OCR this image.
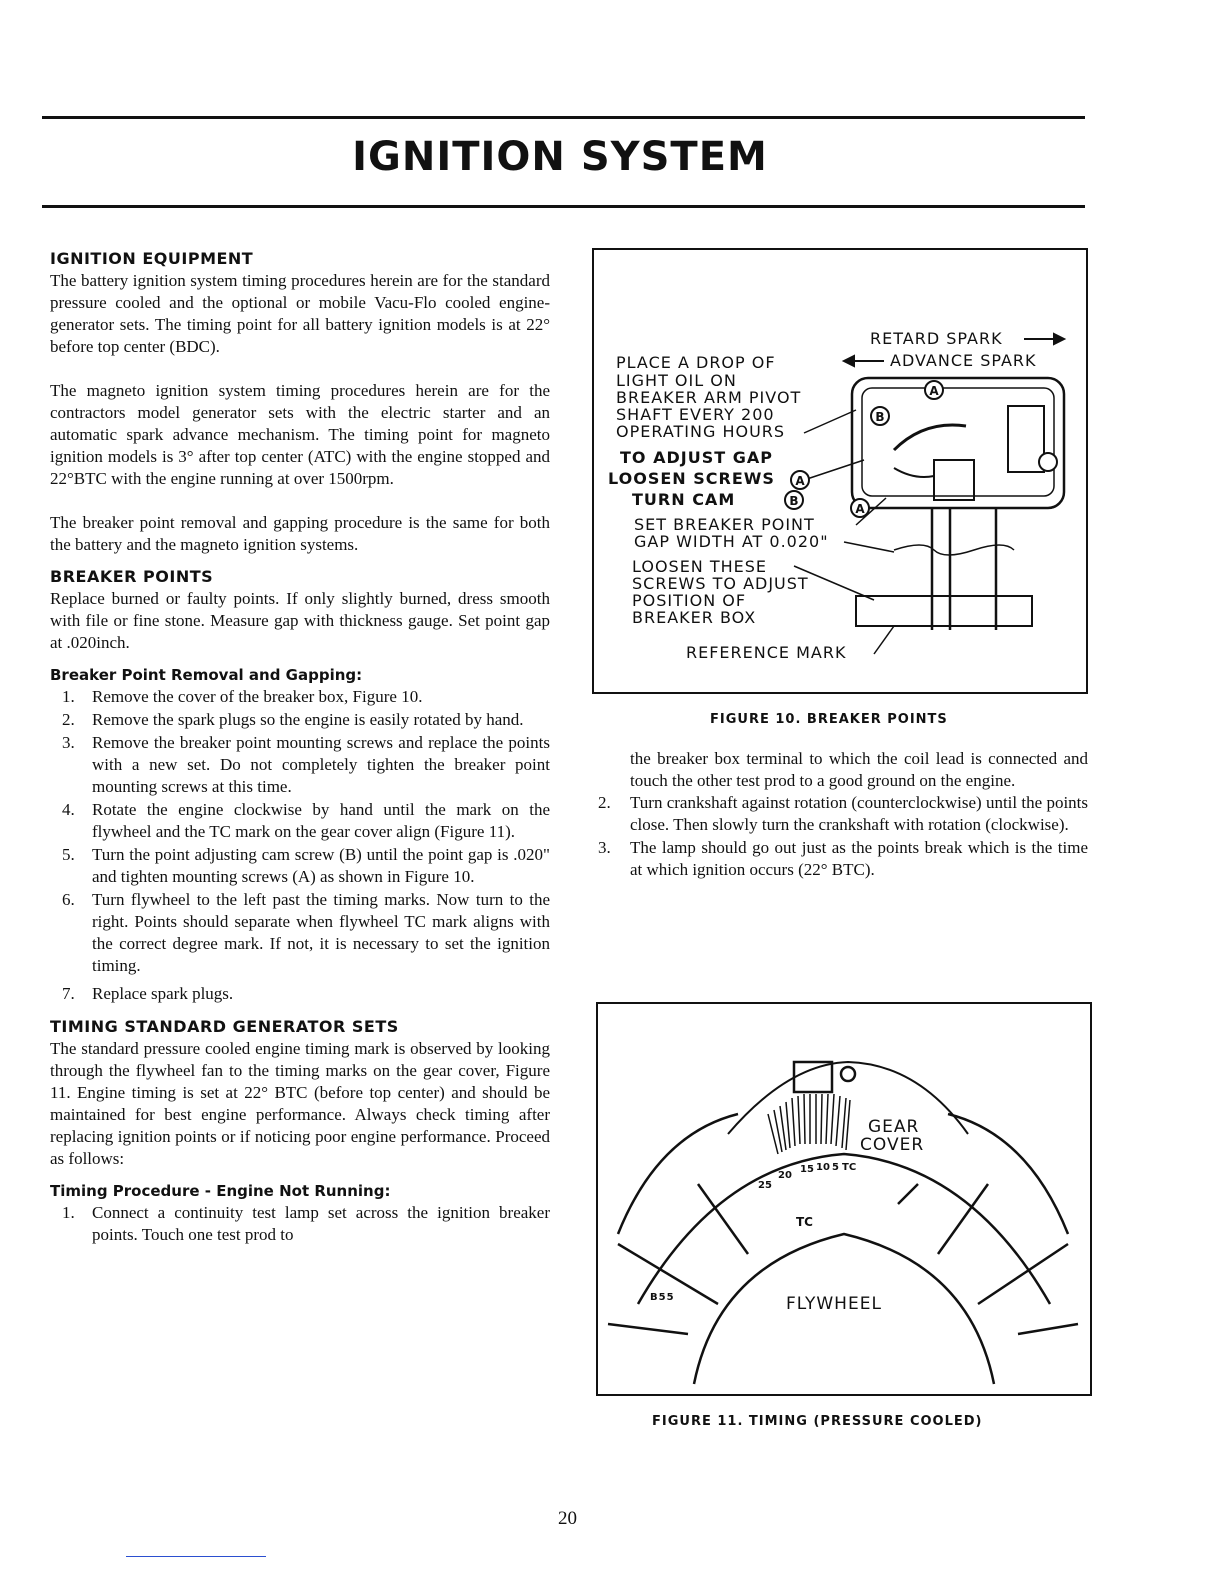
IGNITION SYSTEM
IGNITION EQUIPMENT

The battery ignition system timing procedures herein are for the standard pressure cooled and the optional or mobile Vacu-Flo cooled engine-generator sets. The timing point for all battery ignition models is at 22° before top center (BDC).

The magneto ignition system timing procedures herein are for the contractors model generator sets with the electric starter and an automatic spark advance mechanism. The timing point for magneto ignition models is 3° after top center (ATC) with the engine stopped and 22°BTC with the engine running at over 1500rpm.

The breaker point removal and gapping procedure is the same for both the battery and the magneto ignition systems.

BREAKER POINTS

Replace burned or faulty points. If only slightly burned, dress smooth with file or fine stone. Measure gap with thickness gauge. Set point gap at .020inch.

Breaker Point Removal and Gapping:
1. Remove the cover of the breaker box, Figure 10.
2. Remove the spark plugs so the engine is easily rotated by hand.
3. Remove the breaker point mounting screws and replace the points with a new set. Do not completely tighten the breaker point mounting screws at this time.
4. Rotate the engine clockwise by hand until the mark on the flywheel and the TC mark on the gear cover align (Figure 11).
5. Turn the point adjusting cam screw (B) until the point gap is .020" and tighten mounting screws (A) as shown in Figure 10.
6. Turn flywheel to the left past the timing marks. Now turn to the right. Points should separate when flywheel TC mark aligns with the correct degree mark. If not, it is necessary to set the ignition timing.
7. Replace spark plugs.
TIMING STANDARD GENERATOR SETS

The standard pressure cooled engine timing mark is observed by looking through the flywheel fan to the timing marks on the gear cover, Figure 11. Engine timing is set at 22° BTC (before top center) and should be maintained for best engine performance. Always check timing after replacing ignition points or if noticing poor engine performance. Proceed as follows:

Timing Procedure - Engine Not Running:
1. Connect a continuity test lamp set across the ignition breaker points. Touch one test prod to
RETARD SPARK
ADVANCE SPARK
PLACE A DROP OF
LIGHT OIL ON
BREAKER ARM PIVOT
SHAFT EVERY 200
OPERATING HOURS
TO ADJUST GAP
LOOSEN SCREWS
TURN CAM
SET BREAKER POINT
GAP WIDTH AT 0.020"
LOOSEN THESE
SCREWS TO ADJUST
POSITION OF
BREAKER BOX
REFERENCE MARK
A
B
A
A
B
FIGURE 10. BREAKER POINTS

the breaker box terminal to which the coil lead is connected and touch the other test prod to a good ground on the engine.

2. Turn crankshaft against rotation (counterclockwise) until the points close. Then slowly turn the crankshaft with rotation (clockwise).
3. The lamp should go out just as the points break which is the time at which ignition occurs (22° BTC).
25
20
15 10 5 TC
TC
GEAR
COVER
FLYWHEEL
B55
FIGURE 11. TIMING (PRESSURE COOLED)
20
